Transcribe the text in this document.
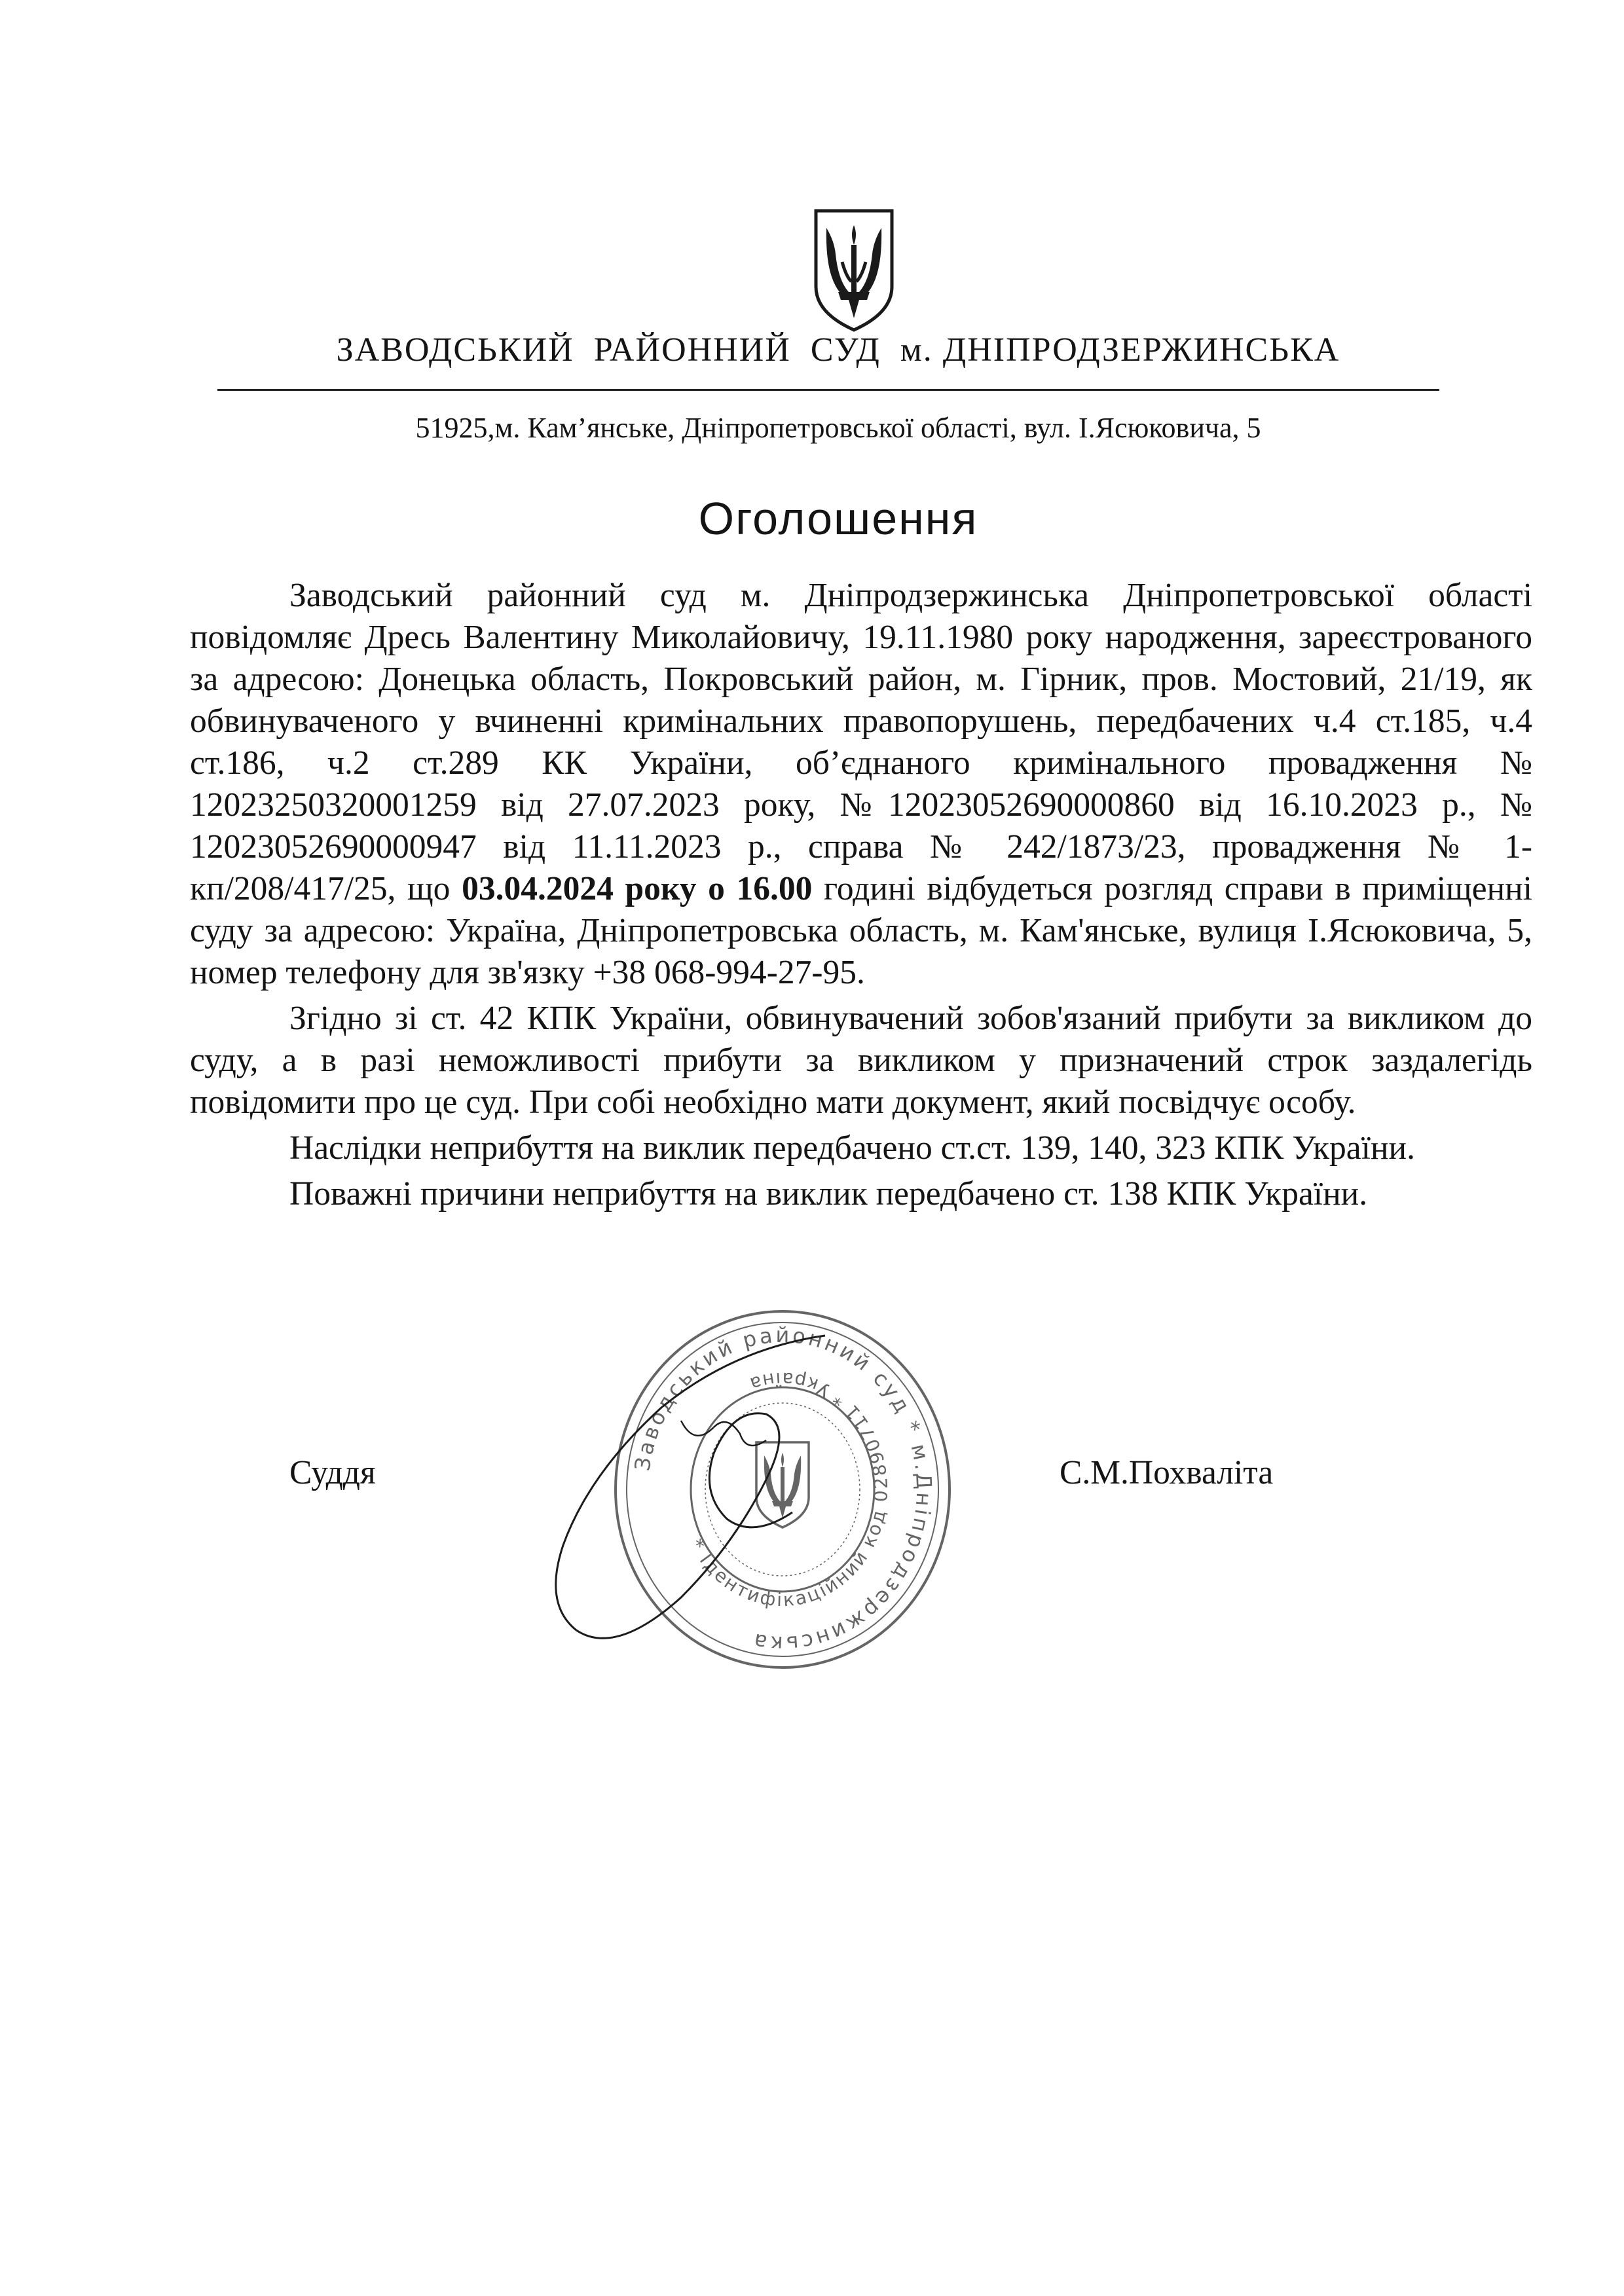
ЗАВОДСЬКИЙ РАЙОННИЙ СУД м. ДНІПРОДЗЕРЖИНСЬКА
51925,м. Кам’янське, Дніпропетровської області, вул. І.Ясюковича, 5
Оголошення

Заводський районний суд м. Дніпродзержинська Дніпропетровської області повідомляє Дресь Валентину Миколайовичу, 19.11.1980 року народження, зареєстрованого за адресою: Донецька область, Покровський район, м. Гірник, пров. Мостовий, 21/19, як обвинуваченого у вчиненні кримінальних правопорушень, передбачених ч.4 ст.185, ч.4 ст.186, ч.2 ст.289 КК України, об’єднаного кримінального провадження № 12023250320001259 від 27.07.2023 року, №12023052690000860 від 16.10.2023 р., № 12023052690000947 від 11.11.2023 р., справа № 242/1873/23, провадження № 1-кп/208/417/25, що 03.04.2024 року о 16.00 годині відбудеться розгляд справи в приміщенні суду за адресою: Україна, Дніпропетровська область, м. Кам'янське, вулиця І.Ясюковича, 5, номер телефону для зв'язку +38 068-994-27-95.

Згідно зі ст. 42 КПК України, обвинувачений зобов'язаний прибути за викликом до суду, а в разі неможливості прибути за викликом у призначений строк заздалегідь повідомити про це суд. При собі необхідно мати документ, який посвідчує особу.

Наслідки неприбуття на виклик передбачено ст.ст. 139, 140, 323 КПК України.

Поважні причини неприбуття на виклик передбачено ст. 138 КПК України.

Суддя	С.М.Похваліта
Заводський районний суд * м.Дніпродзержинська
* Ідентифікаційний код 02890711 * Україна
